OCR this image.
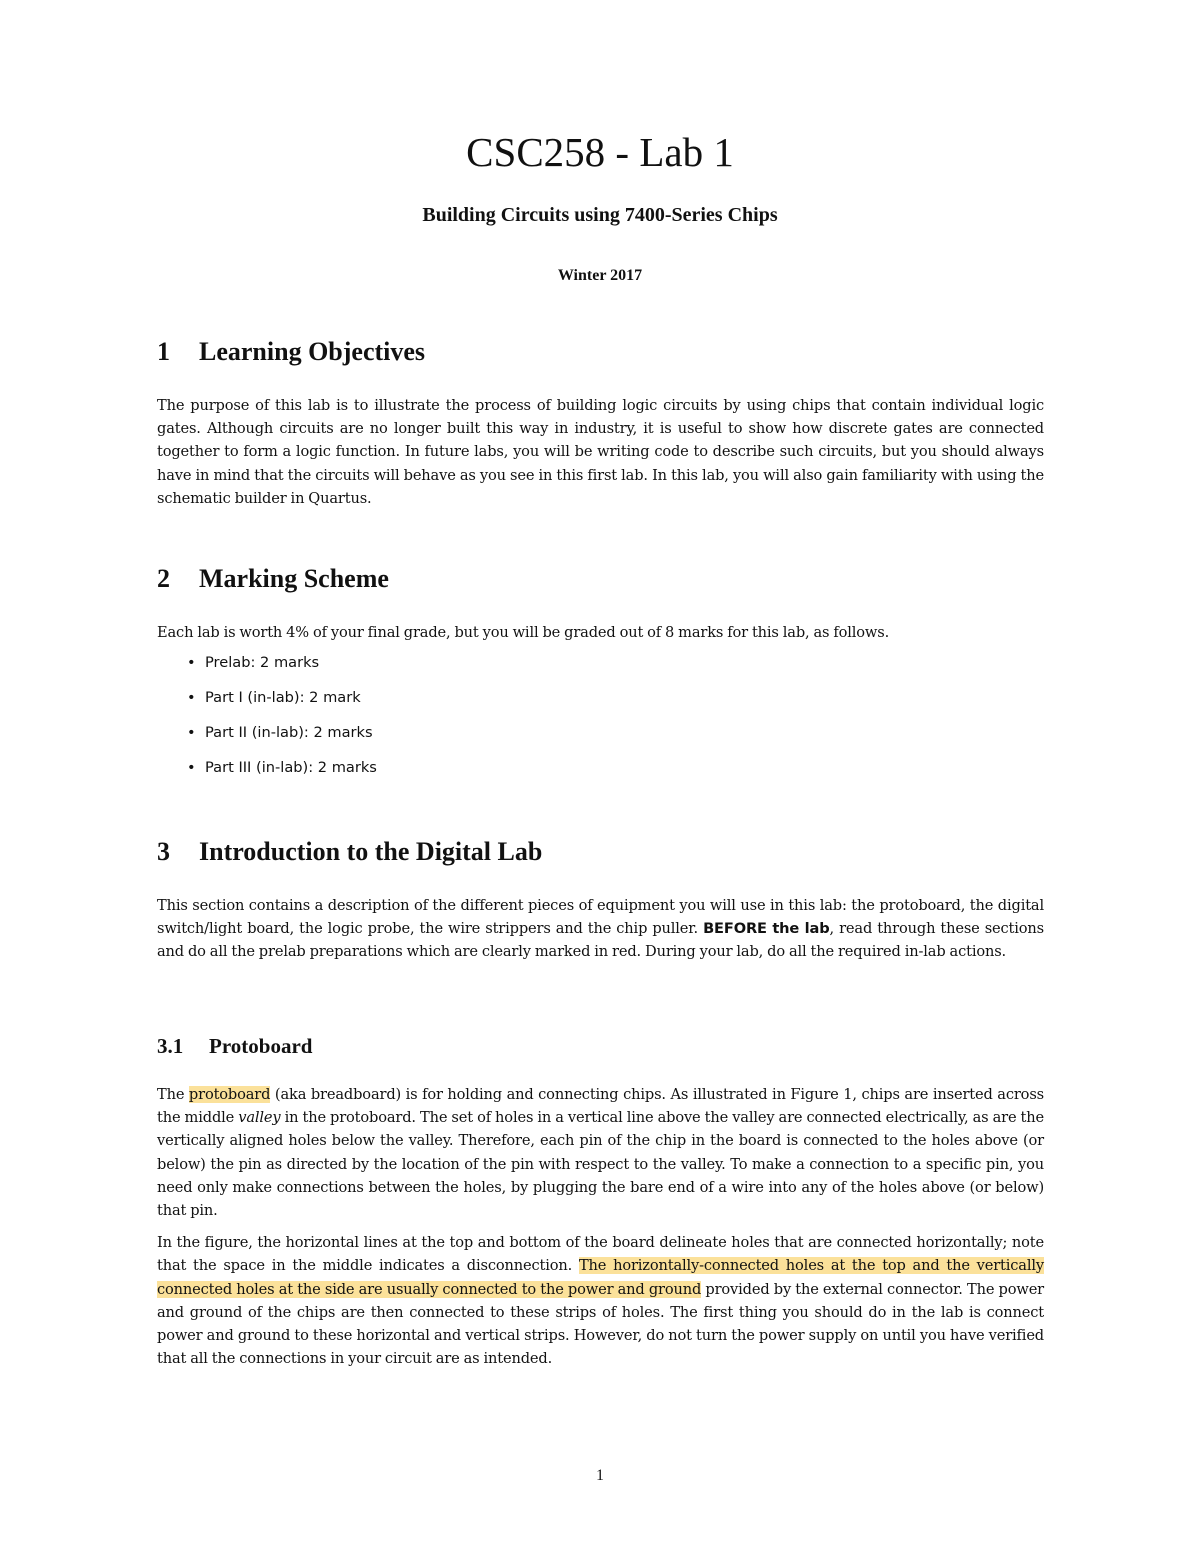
CSC258 - Lab 1
Building Circuits using 7400-Series Chips
Winter 2017
1	Learning Objectives

The purpose of this lab is to illustrate the process of building logic circuits by using chips that contain individual logic gates. Although circuits are no longer built this way in industry, it is useful to show how discrete gates are connected together to form a logic function. In future labs, you will be writing code to describe such circuits, but you should always have in mind that the circuits will behave as you see in this first lab. In this lab, you will also gain familiarity with using the schematic builder in Quartus.

2	Marking Scheme

Each lab is worth 4% of your final grade, but you will be graded out of 8 marks for this lab, as follows.

• Prelab: 2 marks
• Part I (in-lab): 2 mark
• Part II (in-lab): 2 marks
• Part III (in-lab): 2 marks
3	Introduction to the Digital Lab

This section contains a description of the different pieces of equipment you will use in this lab: the protoboard, the digital switch/light board, the logic probe, the wire strippers and the chip puller. BEFORE the lab, read through these sections and do all the prelab preparations which are clearly marked in red. During your lab, do all the required in-lab actions.

3.1	Protoboard

The protoboard (aka breadboard) is for holding and connecting chips. As illustrated in Figure 1, chips are inserted across the middle valley in the protoboard. The set of holes in a vertical line above the valley are connected electrically, as are the vertically aligned holes below the valley. Therefore, each pin of the chip in the board is connected to the holes above (or below) the pin as directed by the location of the pin with respect to the valley. To make a connection to a specific pin, you need only make connections between the holes, by plugging the bare end of a wire into any of the holes above (or below) that pin.

In the figure, the horizontal lines at the top and bottom of the board delineate holes that are connected horizontally; note that the space in the middle indicates a disconnection. The horizontally-connected holes at the top and the vertically connected holes at the side are usually connected to the power and ground provided by the external connector. The power and ground of the chips are then connected to these strips of holes. The first thing you should do in the lab is connect power and ground to these horizontal and vertical strips. However, do not turn the power supply on until you have verified that all the connections in your circuit are as intended.

1
